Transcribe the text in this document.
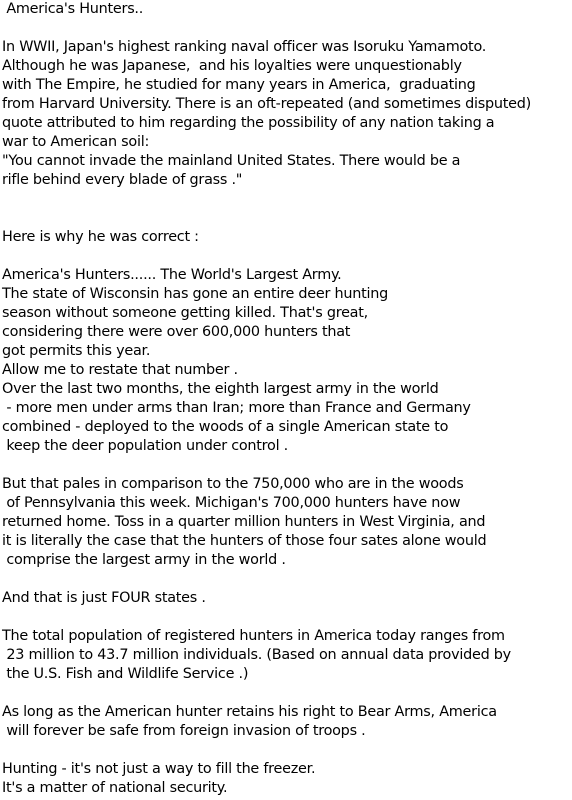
America's Hunters..
In WWII, Japan's highest ranking naval officer was Isoruku Yamamoto.
Although he was Japanese,  and his loyalties were unquestionably
with The Empire, he studied for many years in America,  graduating
from Harvard University. There is an oft-repeated (and sometimes disputed)
quote attributed to him regarding the possibility of any nation taking a
war to American soil:
"You cannot invade the mainland United States. There would be a
rifle behind every blade of grass ."
Here is why he was correct :
America's Hunters...... The World's Largest Army.
The state of Wisconsin has gone an entire deer hunting
season without someone getting killed. That's great,
considering there were over 600,000 hunters that
got permits this year.
Allow me to restate that number .
Over the last two months, the eighth largest army in the world
- more men under arms than Iran; more than France and Germany
combined - deployed to the woods of a single American state to
keep the deer population under control .
But that pales in comparison to the 750,000 who are in the woods
of Pennsylvania this week. Michigan's 700,000 hunters have now
returned home. Toss in a quarter million hunters in West Virginia, and
it is literally the case that the hunters of those four sates alone would
comprise the largest army in the world .
And that is just FOUR states .
The total population of registered hunters in America today ranges from
23 million to 43.7 million individuals. (Based on annual data provided by
the U.S. Fish and Wildlife Service .)
As long as the American hunter retains his right to Bear Arms, America
will forever be safe from foreign invasion of troops .
Hunting - it's not just a way to fill the freezer.
It's a matter of national security.
